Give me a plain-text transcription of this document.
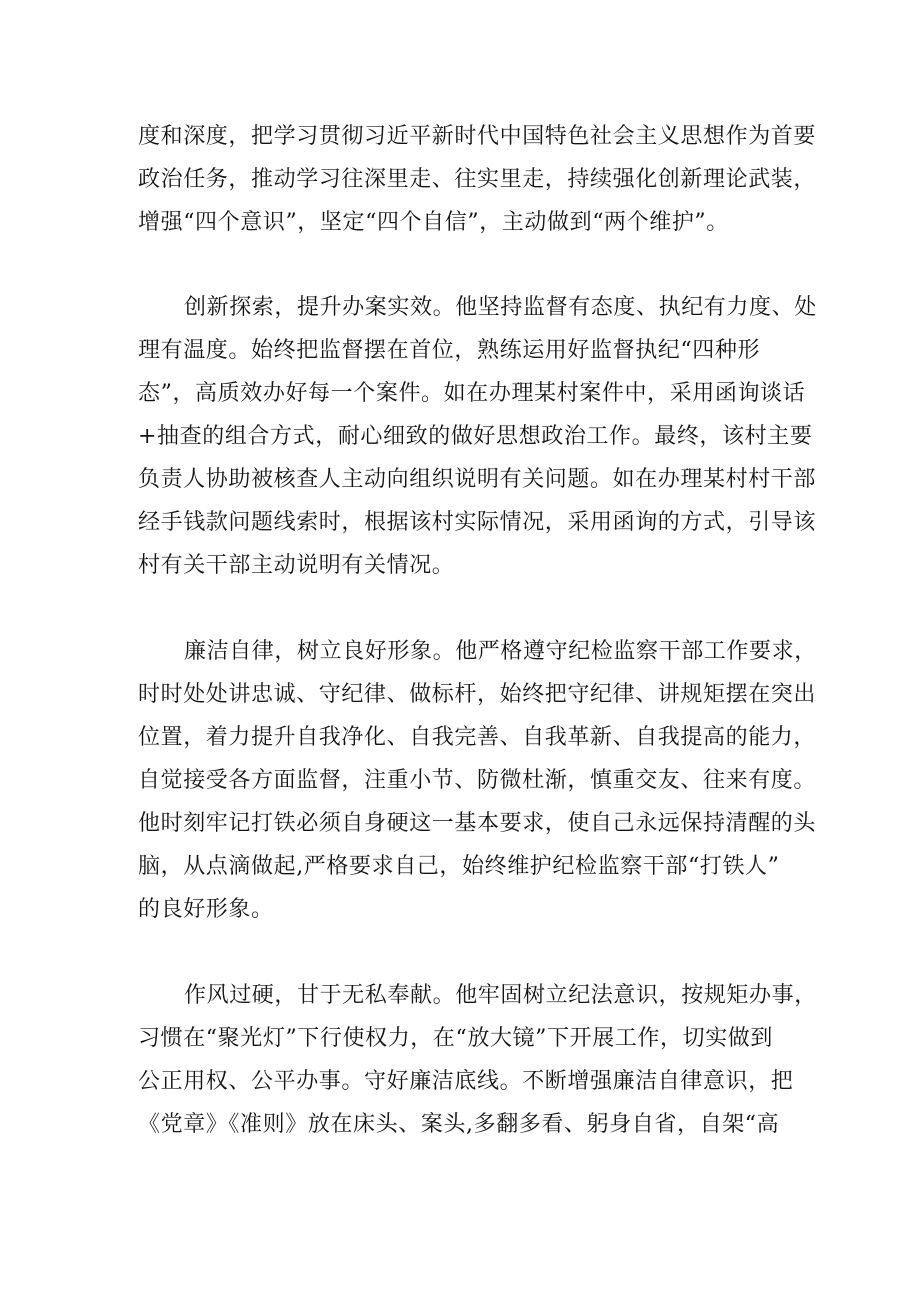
度和深度，把学习贯彻习近平新时代中国特色社会主义思想作为首要
政治任务，推动学习往深里走、往实里走，持续强化创新理论武装，
增强“四个意识”，坚定“四个自信”，主动做到“两个维护”。
创新探索，提升办案实效。他坚持监督有态度、执纪有力度、处
理有温度。始终把监督摆在首位，熟练运用好监督执纪“四种形
态”，高质效办好每一个案件。如在办理某村案件中，采用函询谈话
+抽查的组合方式，耐心细致的做好思想政治工作。最终，该村主要
负责人协助被核查人主动向组织说明有关问题。如在办理某村村干部
经手钱款问题线索时，根据该村实际情况，采用函询的方式，引导该
村有关干部主动说明有关情况。
廉洁自律，树立良好形象。他严格遵守纪检监察干部工作要求，
时时处处讲忠诚、守纪律、做标杆，始终把守纪律、讲规矩摆在突出
位置，着力提升自我净化、自我完善、自我革新、自我提高的能力，
自觉接受各方面监督，注重小节、防微杜渐，慎重交友、往来有度。
他时刻牢记打铁必须自身硬这一基本要求，使自己永远保持清醒的头
脑，从点滴做起,严格要求自己，始终维护纪检监察干部“打铁人”
的良好形象。
作风过硬，甘于无私奉献。他牢固树立纪法意识，按规矩办事，
习惯在“聚光灯”下行使权力，在“放大镜”下开展工作，切实做到
公正用权、公平办事。守好廉洁底线。不断增强廉洁自律意识，把
《党章》《准则》放在床头、案头,多翻多看、躬身自省，自架“高
